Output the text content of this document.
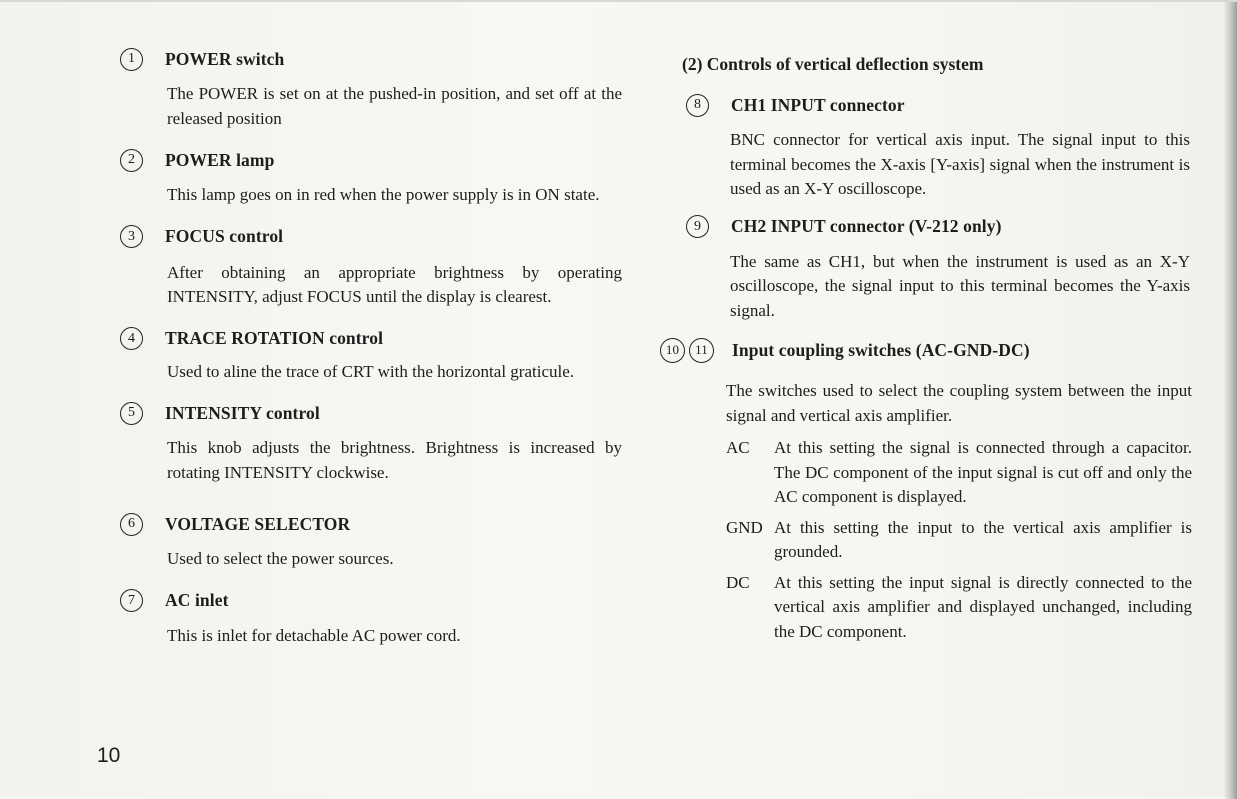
1	POWER switch
The POWER is set on at the pushed-in position, and set off at the released position
2	POWER lamp
This lamp goes on in red when the power supply is in ON state.
3	FOCUS control
After obtaining an appropriate brightness by operating INTENSITY, adjust FOCUS until the display is clearest.
4	TRACE ROTATION control
Used to aline the trace of CRT with the horizontal graticule.
5	INTENSITY control
This knob adjusts the brightness. Brightness is increased by rotating INTENSITY clockwise.
6	VOLTAGE SELECTOR
Used to select the power sources.
7	AC inlet
This is inlet for detachable AC power cord.
(2) Controls of vertical deflection system
8	CH1 INPUT connector
BNC connector for vertical axis input. The signal input to this terminal becomes the X-axis [Y-axis] signal when the instrument is used as an X-Y oscilloscope.
9	CH2 INPUT connector (V-212 only)
The same as CH1, but when the instrument is used as an X-Y oscilloscope, the signal input to this terminal becomes the Y-axis signal.
10	11	Input coupling switches (AC-GND-DC)
The switches used to select the coupling system between the input signal and vertical axis amplifier.
AC	At this setting the signal is connected through a capacitor. The DC component of the input signal is cut off and only the AC component is displayed.
GND At this setting the input to the vertical axis amplifier is grounded.
DC	At this setting the input signal is directly connected to the vertical axis amplifier and displayed unchanged, including the DC component.
10
